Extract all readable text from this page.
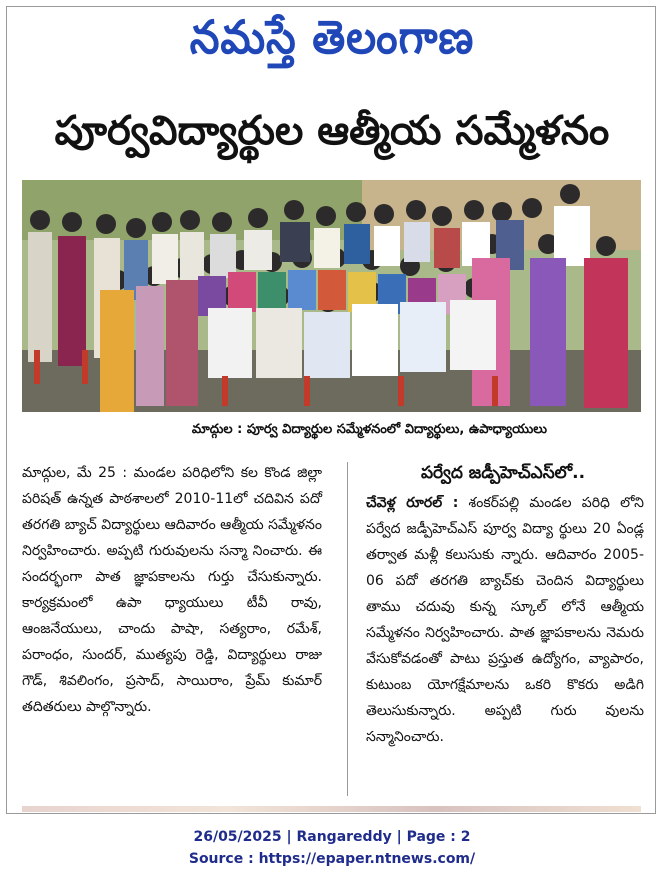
నమస్తే తెలంగాణ
పూర్వవిద్యార్థుల ఆత్మీయ సమ్మేళనం
మాద్గుల : పూర్వ విద్యార్థుల సమ్మేళనంలో విద్యార్థులు, ఉపాధ్యాయులు

మాద్గుల, మే 25 : మండల పరిధిలోని కల కొండ జిల్లా పరిషత్ ఉన్నత పాఠశాలలో 2010-11లో చదివిన పదో తరగతి బ్యాచ్ విద్యార్థులు ఆదివారం ఆత్మీయ సమ్మేళనం నిర్వహించారు. అప్పటి గురువులను సన్మా నించారు. ఈ సందర్భంగా పాత జ్ఞాపకాలను గుర్తు చేసుకున్నారు. కార్యక్రమంలో ఉపా ధ్యాయులు టీవీ రావు, ఆంజనేయులు, చాందు పాషా, సత్యరాం, రమేశ్, పరాంధం, సుందర్, ముత్యపు రెడ్డి, విద్యార్థులు రాజు గౌడ్, శివలింగం, ప్రసాద్, సాయిరాం, ప్రేమ్ కుమార్ తదితరులు పాల్గొన్నారు.

పర్వేద జడ్పీహెచ్ఎస్‌లో..

చేవెళ్ల రూరల్ : శంకర్‌పల్లి మండల పరిధి లోని పర్వేద జడ్పీహెచ్ఎస్ పూర్వ విద్యా ర్థులు 20 ఏండ్ల తర్వాత మళ్లీ కలుసుకు న్నారు. ఆదివారం 2005- 06 పదో తరగతి బ్యాచ్‌కు చెందిన విద్యార్థులు తాము చదువు కున్న స్కూల్ లోనే ఆత్మీయ సమ్మేళనం నిర్వహించారు. పాత జ్ఞాపకాలను నెమరు వేసుకోవడంతో పాటు ప్రస్తుత ఉద్యోగం, వ్యాపారం, కుటుంబ యోగక్షేమాలను ఒకరి కొకరు అడిగి తెలుసుకున్నారు. అప్పటి గురు వులను సన్మానించారు.

26/05/2025 | Rangareddy | Page : 2
Source : https://epaper.ntnews.com/
